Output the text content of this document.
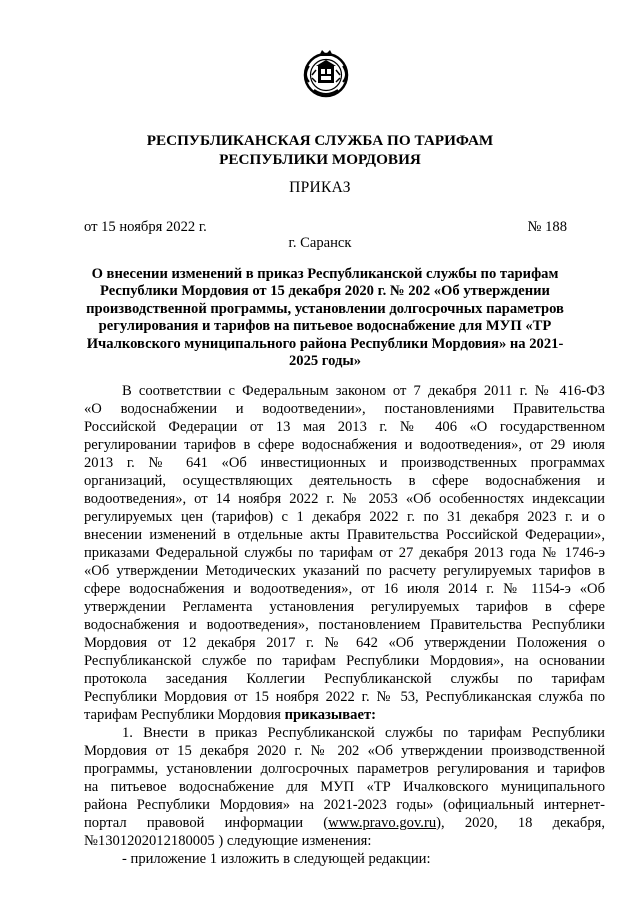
РЕСПУБЛИКАНСКАЯ СЛУЖБА ПО ТАРИФАМ
РЕСПУБЛИКИ МОРДОВИЯ

ПРИКАЗ

от 15 ноября 2022 г.	№ 188

г. Саранск

О внесении изменений в приказ Республиканской службы по тарифам
Республики Мордовия от 15 декабря 2020 г. № 202 «Об утверждении
производственной программы, установлении долгосрочных параметров
регулирования и тарифов на питьевое водоснабжение для МУП «ТР
Ичалковского муниципального района Республики Мордовия» на 2021-
2025 годы»

В соответствии с Федеральным законом от 7 декабря 2011 г. № 416-ФЗ

«О водоснабжении и водоотведении», постановлениями Правительства

Российской Федерации от 13 мая 2013 г. № 406 «О государственном

регулировании тарифов в сфере водоснабжения и водоотведения», от 29 июля

2013 г. № 641 «Об инвестиционных и производственных программах

организаций, осуществляющих деятельность в сфере водоснабжения и

водоотведения», от 14 ноября 2022 г. № 2053 «Об особенностях индексации

регулируемых цен (тарифов) с 1 декабря 2022 г. по 31 декабря 2023 г. и о

внесении изменений в отдельные акты Правительства Российской Федерации»,

приказами Федеральной службы по тарифам от 27 декабря 2013 года № 1746-э

«Об утверждении Методических указаний по расчету регулируемых тарифов в

сфере водоснабжения и водоотведения», от 16 июля 2014 г. № 1154-э «Об

утверждении Регламента установления регулируемых тарифов в сфере

водоснабжения и водоотведения», постановлением Правительства Республики

Мордовия от 12 декабря 2017 г. № 642 «Об утверждении Положения о

Республиканской службе по тарифам Республики Мордовия», на основании

протокола заседания Коллегии Республиканской службы по тарифам

Республики Мордовия от 15 ноября 2022 г. № 53, Республиканская служба по

тарифам Республики Мордовия приказывает:

1. Внести в приказ Республиканской службы по тарифам Республики

Мордовия от 15 декабря 2020 г. № 202 «Об утверждении производственной

программы, установлении долгосрочных параметров регулирования и тарифов

на питьевое водоснабжение для МУП «ТР Ичалковского муниципального

района Республики Мордовия» на 2021-2023 годы» (официальный интернет-

портал правовой информации (www.pravo.gov.ru), 2020, 18 декабря,

№1301202012180005 ) следующие изменения:

- приложение 1 изложить в следующей редакции:
